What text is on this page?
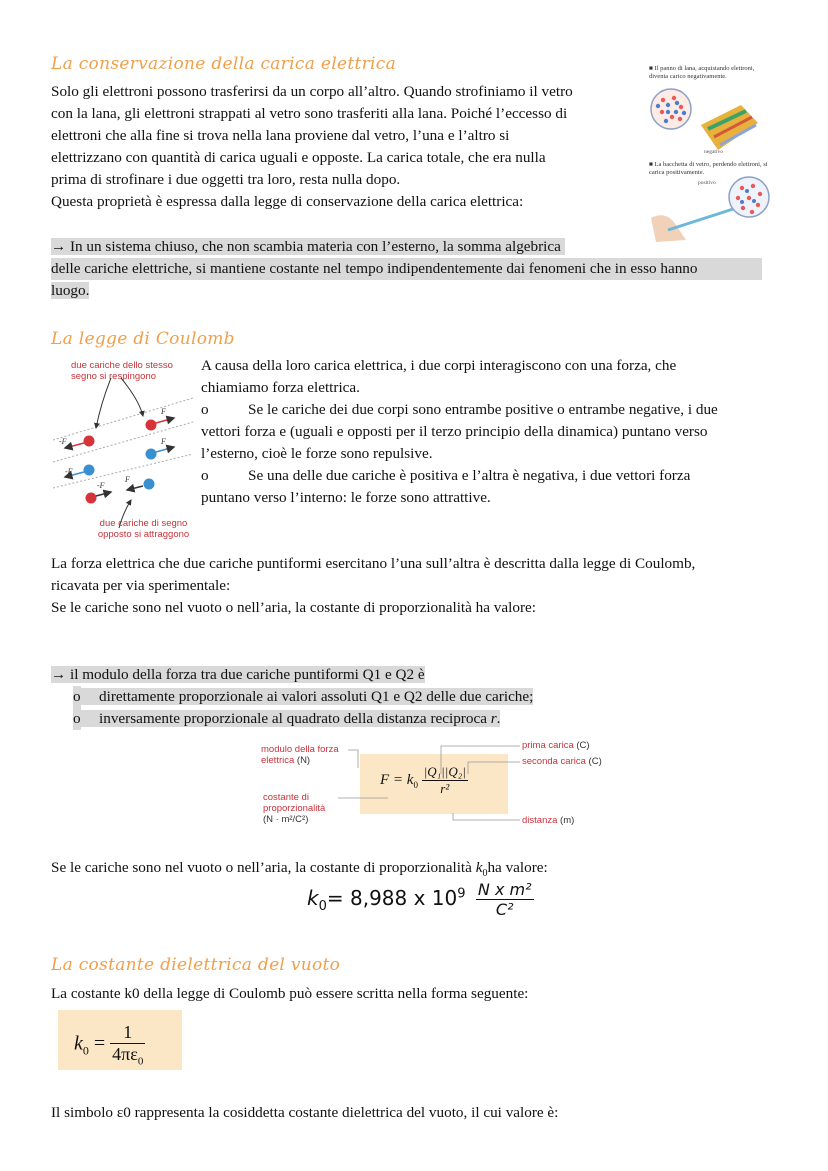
La conservazione della carica elettrica
Solo gli elettroni possono trasferirsi da un corpo all’altro. Quando strofiniamo il vetro
con la lana, gli elettroni strappati al vetro sono trasferiti alla lana. Poiché l’eccesso di
elettroni che alla fine si trova nella lana proviene dal vetro, l’una e l’altro si
elettrizzano con quantità di carica uguali e opposte. La carica totale, che era nulla
prima di strofinare i due oggetti tra loro, resta nulla dopo.
Questa proprietà è espressa dalla legge di conservazione della carica elettrica:
→ In un sistema chiuso, che non scambia materia con l’esterno, la somma algebrica
delle cariche elettriche, si mantiene costante nel tempo indipendentemente dai fenomeni che in esso hanno
luogo.
■ Il panno di lana, acquistando elettroni, diventa carico negativamente.
negativo
■ La bacchetta di vetro, perdendo elettroni, si carica positivamente.
positivo
La legge di Coulomb
due cariche dello stesso segno si respingono
-F
F
-F
F
-F
F
due cariche di segno opposto si attraggono
A causa della loro carica elettrica, i due corpi interagiscono con una forza, che
chiamiamo forza elettrica.
o	Se le cariche dei due corpi sono entrambe positive o entrambe negative, i due
vettori forza e (uguali e opposti per il terzo principio della dinamica) puntano verso
l’esterno, cioè le forze sono repulsive.
o	Se una delle due cariche è positiva e l’altra è negativa, i due vettori forza
puntano verso l’interno: le forze sono attrattive.
La forza elettrica che due cariche puntiformi esercitano l’una sull’altra è descritta dalla legge di Coulomb,
ricavata per via sperimentale:
Se le cariche sono nel vuoto o nell’aria, la costante di proporzionalità ha valore:
→ il modulo della forza tra due cariche puntiformi Q1 e Q2 è
o direttamente proporzionale ai valori assoluti Q1 e Q2 delle due cariche;
o inversamente proporzionale al quadrato della distanza reciproca r.
modulo della forza
elettrica (N)
costante di
proporzionalità
(N · m²/C²)
prima carica (C)
seconda carica (C)
distanza (m)
$F = k_0 \frac{\text{|Q₁||Q₂|}}{\text{r²}}$
Se le cariche sono nel vuoto o nell’aria, la costante di proporzionalità $k_0ha$ valore:
$k_0= 8,988$ x $10^9 \frac{\text{N x m²}}{\text{C²}}$
La costante dielettrica del vuoto
La costante k0 della legge di Coulomb può essere scritta nella forma seguente:
$k_0 = \frac{1}{4\pi\varepsilon_0}$
Il simbolo ε0 rappresenta la cosiddetta costante dielettrica del vuoto, il cui valore è:
